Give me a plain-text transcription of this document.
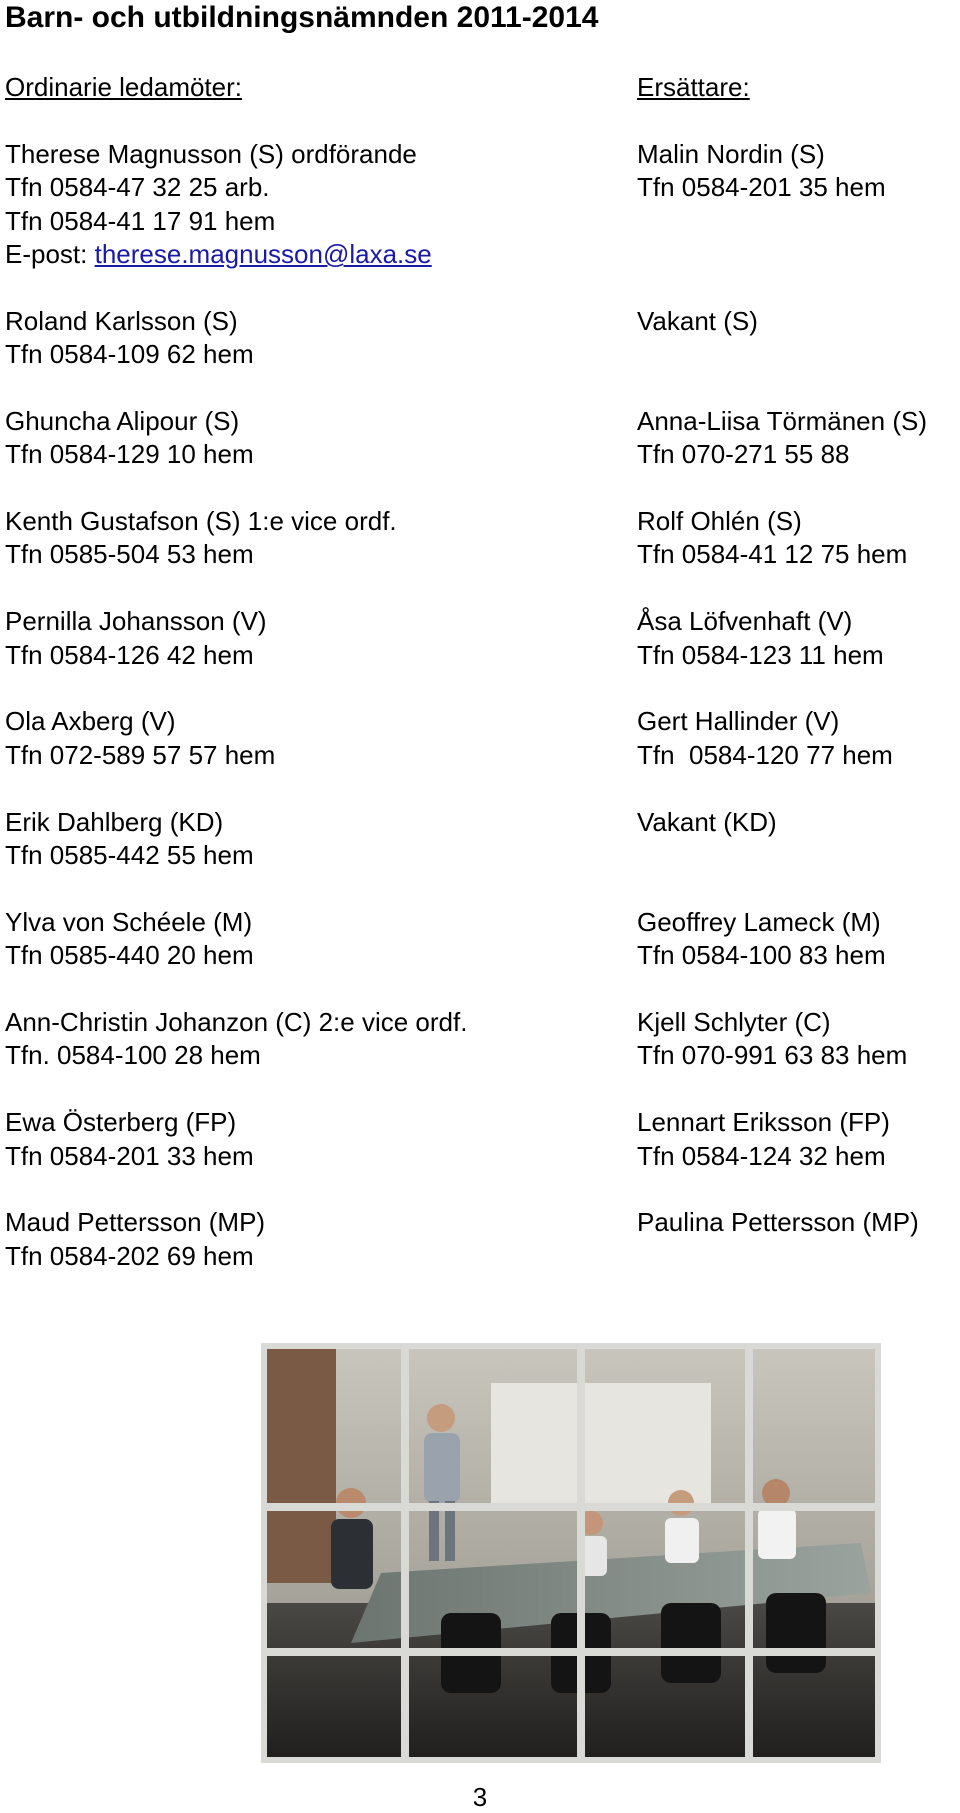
Barn- och utbildningsnämnden 2011-2014
Ordinarie ledamöter:
Therese Magnusson (S) ordförande
Tfn 0584-47 32 25 arb.
Tfn 0584-41 17 91 hem
E-post: therese.magnusson@laxa.se
Roland Karlsson (S)
Tfn 0584-109 62 hem
Ghuncha Alipour (S)
Tfn 0584-129 10 hem
Kenth Gustafson (S) 1:e vice ordf.
Tfn 0585-504 53 hem
Pernilla Johansson (V)
Tfn 0584-126 42 hem
Ola Axberg (V)
Tfn 072-589 57 57 hem
Erik Dahlberg (KD)
Tfn 0585-442 55 hem
Ylva von Schéele (M)
Tfn 0585-440 20 hem
Ann-Christin Johanzon (C) 2:e vice ordf.
Tfn. 0584-100 28 hem
Ewa Österberg (FP)
Tfn 0584-201 33 hem
Maud Pettersson (MP)
Tfn 0584-202 69 hem
Ersättare:
Malin Nordin (S)
Tfn 0584-201 35 hem
Vakant (S)
Anna-Liisa Törmänen (S)
Tfn 070-271 55 88
Rolf Ohlén (S)
Tfn 0584-41 12 75 hem
Åsa Löfvenhaft (V)
Tfn 0584-123 11 hem
Gert Hallinder (V)
Tfn  0584-120 77 hem
Vakant (KD)
Geoffrey Lameck (M)
Tfn 0584-100 83 hem
Kjell Schlyter (C)
Tfn 070-991 63 83 hem
Lennart Eriksson (FP)
Tfn 0584-124 32 hem
Paulina Pettersson (MP)
3
